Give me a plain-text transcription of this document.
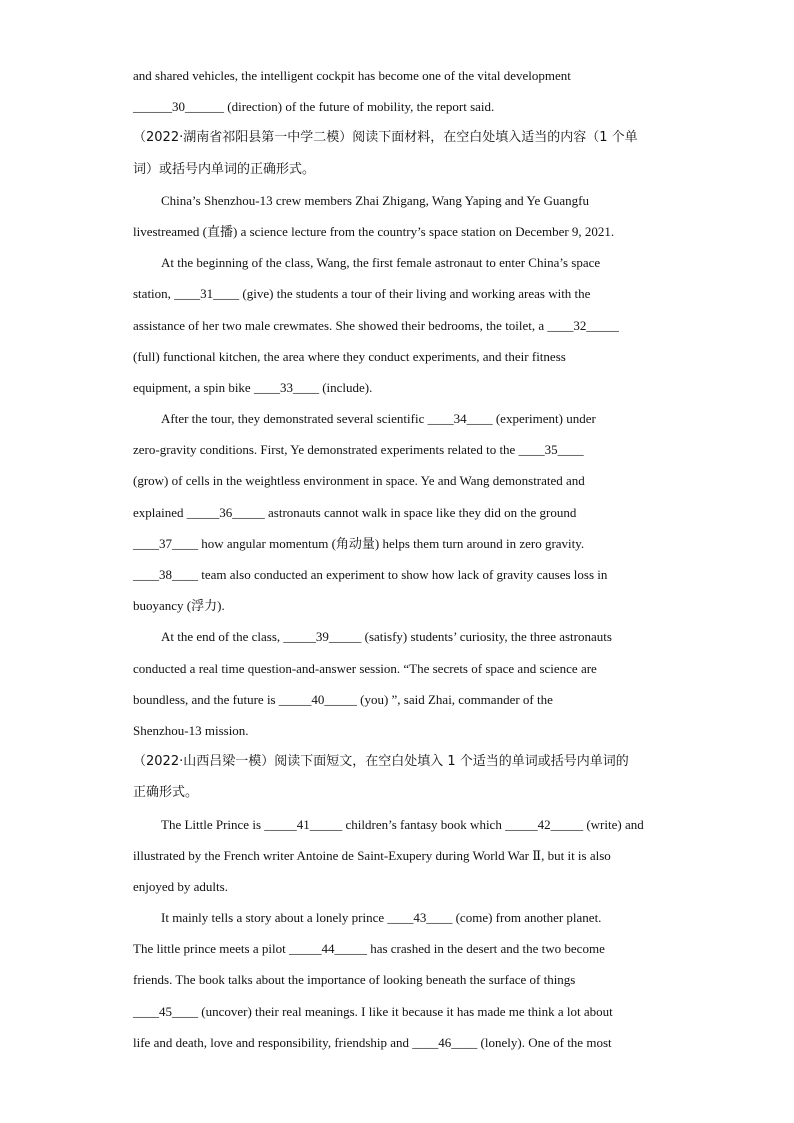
and shared vehicles, the intelligent cockpit has become one of the vital development
______30______ (direction) of the future of mobility, the report said.
（2022·湖南省祁阳县第一中学二模）阅读下面材料，在空白处填入适当的内容（1 个单
词）或括号内单词的正确形式。
China’s Shenzhou-13 crew members Zhai Zhigang, Wang Yaping and Ye Guangfu
livestreamed (直播) a science lecture from the country’s space station on December 9, 2021.
At the beginning of the class, Wang, the first female astronaut to enter China’s space
station, ____31____ (give) the students a tour of their living and working areas with the
assistance of her two male crewmates. She showed their bedrooms, the toilet, a ____32_____
(full) functional kitchen, the area where they conduct experiments, and their fitness
equipment, a spin bike ____33____ (include).
After the tour, they demonstrated several scientific ____34____ (experiment) under
zero-gravity conditions. First, Ye demonstrated experiments related to the ____35____
(grow) of cells in the weightless environment in space. Ye and Wang demonstrated and
explained _____36_____ astronauts cannot walk in space like they did on the ground
____37____ how angular momentum (角动量) helps them turn around in zero gravity.
____38____ team also conducted an experiment to show how lack of gravity causes loss in
buoyancy (浮力).
At the end of the class, _____39_____ (satisfy) students’ curiosity, the three astronauts
conducted a real time question-and-answer session. “The secrets of space and science are
boundless, and the future is _____40_____ (you) ”, said Zhai, commander of the
Shenzhou-13 mission.
（2022·山西吕梁一模）阅读下面短文，在空白处填入 1 个适当的单词或括号内单词的
正确形式。
The Little Prince is _____41_____ children’s fantasy book which _____42_____ (write) and
illustrated by the French writer Antoine de Saint-Exupery during World War Ⅱ, but it is also
enjoyed by adults.
It mainly tells a story about a lonely prince ____43____ (come) from another planet.
The little prince meets a pilot _____44_____ has crashed in the desert and the two become
friends. The book talks about the importance of looking beneath the surface of things
____45____ (uncover) their real meanings. I like it because it has made me think a lot about
life and death, love and responsibility, friendship and ____46____ (lonely). One of the most
